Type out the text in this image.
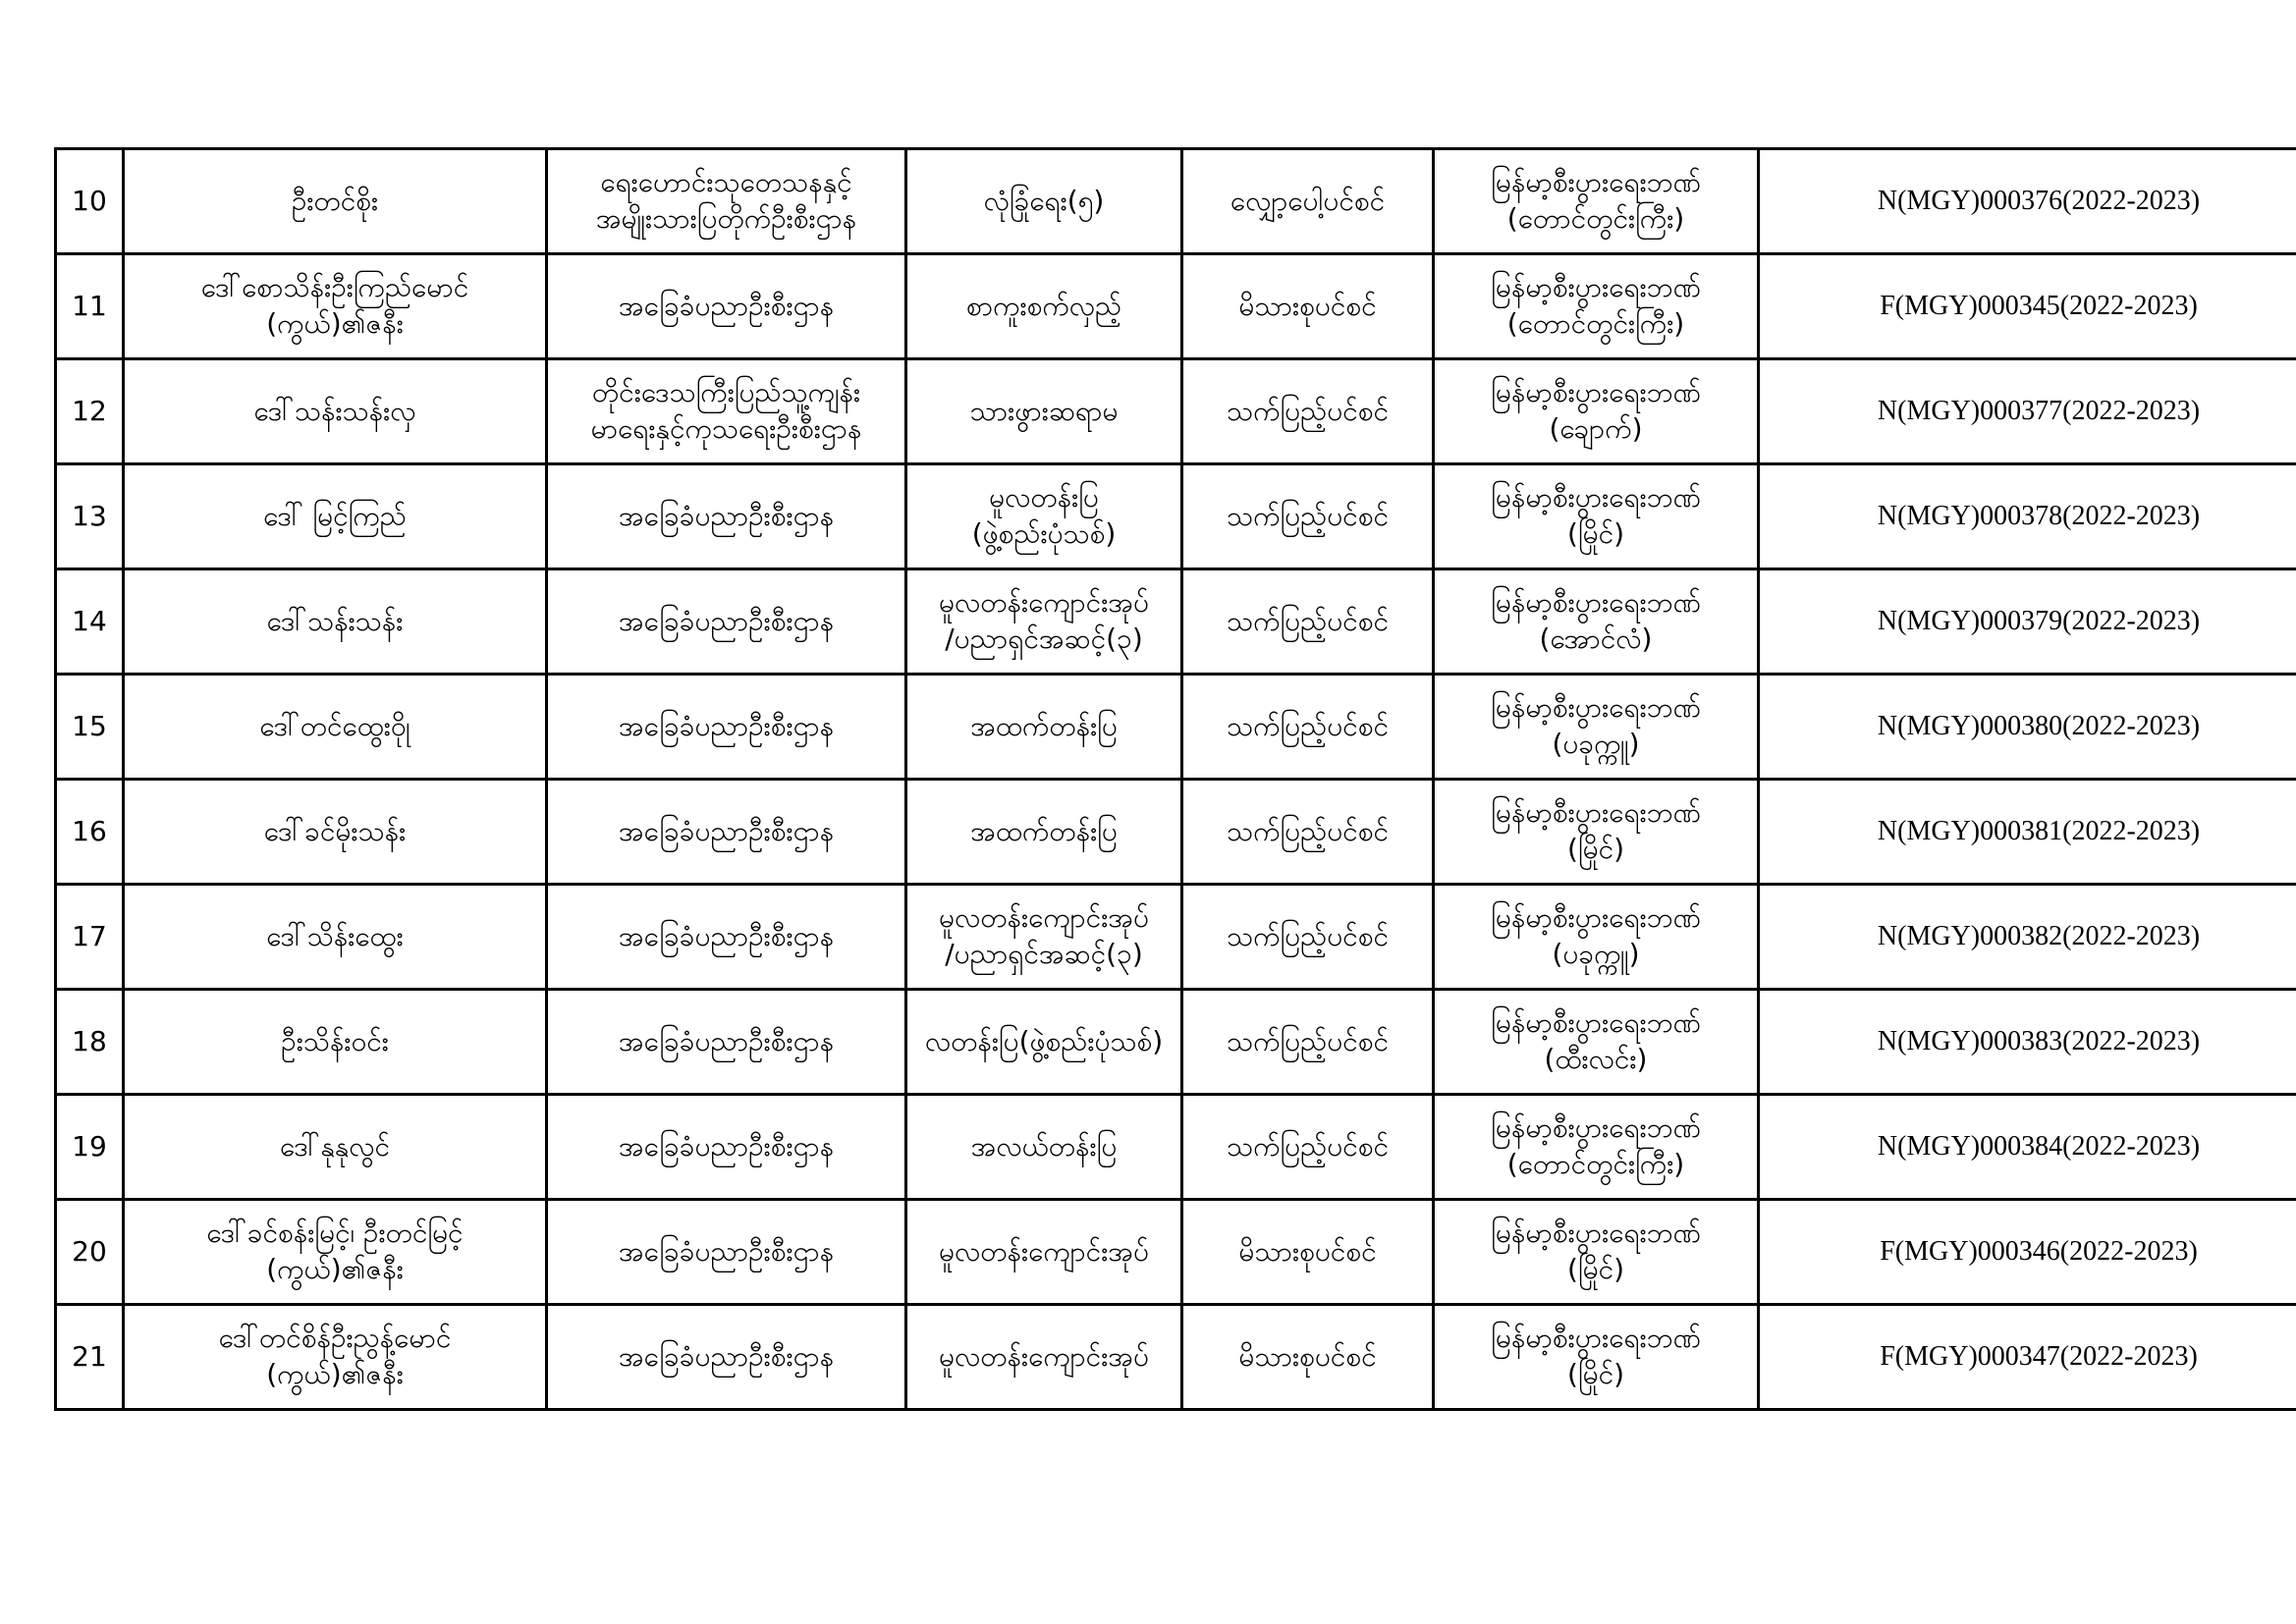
10	ဦးတင်စိုး	ရေးဟောင်းသုတေသနနှင့်
အမျိုးသားပြတိုက်ဦးစီးဌာန	လုံခြုံရေး(၅)	လျှော့ပေါ့ပင်စင်	မြန်မာ့စီးပွားရေးဘဏ်
(တောင်တွင်းကြီး)	N(MGY)000376(2022-2023)
11	ဒေါ်စောသိန်းဦးကြည်မောင်
(ကွယ်)၏ဇနီး	အခြေခံပညာဦးစီးဌာန	စာကူးစက်လှည့်	မိသားစုပင်စင်	မြန်မာ့စီးပွားရေးဘဏ်
(တောင်တွင်းကြီး)	F(MGY)000345(2022-2023)
12	ဒေါ်သန်းသန်းလှ	တိုင်းဒေသကြီးပြည်သူ့ကျန်း
မာရေးနှင့်ကုသရေးဦးစီးဌာန	သားဖွားဆရာမ	သက်ပြည့်ပင်စင်	မြန်မာ့စီးပွားရေးဘဏ်
(ချောက်)	N(MGY)000377(2022-2023)
13	ဒေါ် မြင့်ကြည်	အခြေခံပညာဦးစီးဌာန	မူလတန်းပြ
(ဖွဲ့စည်းပုံသစ်)	သက်ပြည့်ပင်စင်	မြန်မာ့စီးပွားရေးဘဏ်
(မြိုင်)	N(MGY)000378(2022-2023)
14	ဒေါ်သန်းသန်း	အခြေခံပညာဦးစီးဌာန	မူလတန်းကျောင်းအုပ်
/ပညာရှင်အဆင့်(၃)	သက်ပြည့်ပင်စင်	မြန်မာ့စီးပွားရေးဘဏ်
(အောင်လံ)	N(MGY)000379(2022-2023)
15	ဒေါ်တင်ထွေးဝိုု	အခြေခံပညာဦးစီးဌာန	အထက်တန်းပြ	သက်ပြည့်ပင်စင်	မြန်မာ့စီးပွားရေးဘဏ်
(ပခုက္ကူ)	N(MGY)000380(2022-2023)
16	ဒေါ်ခင်မိုးသန်း	အခြေခံပညာဦးစီးဌာန	အထက်တန်းပြ	သက်ပြည့်ပင်စင်	မြန်မာ့စီးပွားရေးဘဏ်
(မြိုင်)	N(MGY)000381(2022-2023)
17	ဒေါ်သိန်းထွေး	အခြေခံပညာဦးစီးဌာန	မူလတန်းကျောင်းအုပ်
/ပညာရှင်အဆင့်(၃)	သက်ပြည့်ပင်စင်	မြန်မာ့စီးပွားရေးဘဏ်
(ပခုက္ကူ)	N(MGY)000382(2022-2023)
18	ဦးသိန်းဝင်း	အခြေခံပညာဦးစီးဌာန	လတန်းပြ(ဖွဲ့စည်းပုံသစ်)	သက်ပြည့်ပင်စင်	မြန်မာ့စီးပွားရေးဘဏ်
(ထီးလင်း)	N(MGY)000383(2022-2023)
19	ဒေါ်နုနုလွင်	အခြေခံပညာဦးစီးဌာန	အလယ်တန်းပြ	သက်ပြည့်ပင်စင်	မြန်မာ့စီးပွားရေးဘဏ်
(တောင်တွင်းကြီး)	N(MGY)000384(2022-2023)
20	ဒေါ်ခင်စန်းမြင့်၊ ဦးတင်မြင့်
(ကွယ်)၏ဇနီး	အခြေခံပညာဦးစီးဌာန	မူလတန်းကျောင်းအုပ်	မိသားစုပင်စင်	မြန်မာ့စီးပွားရေးဘဏ်
(မြိုင်)	F(MGY)000346(2022-2023)
21	ဒေါ်တင်စိန်ဦးညွန့်မောင်
(ကွယ်)၏ဇနီး	အခြေခံပညာဦးစီးဌာန	မူလတန်းကျောင်းအုပ်	မိသားစုပင်စင်	မြန်မာ့စီးပွားရေးဘဏ်
(မြိုင်)	F(MGY)000347(2022-2023)
